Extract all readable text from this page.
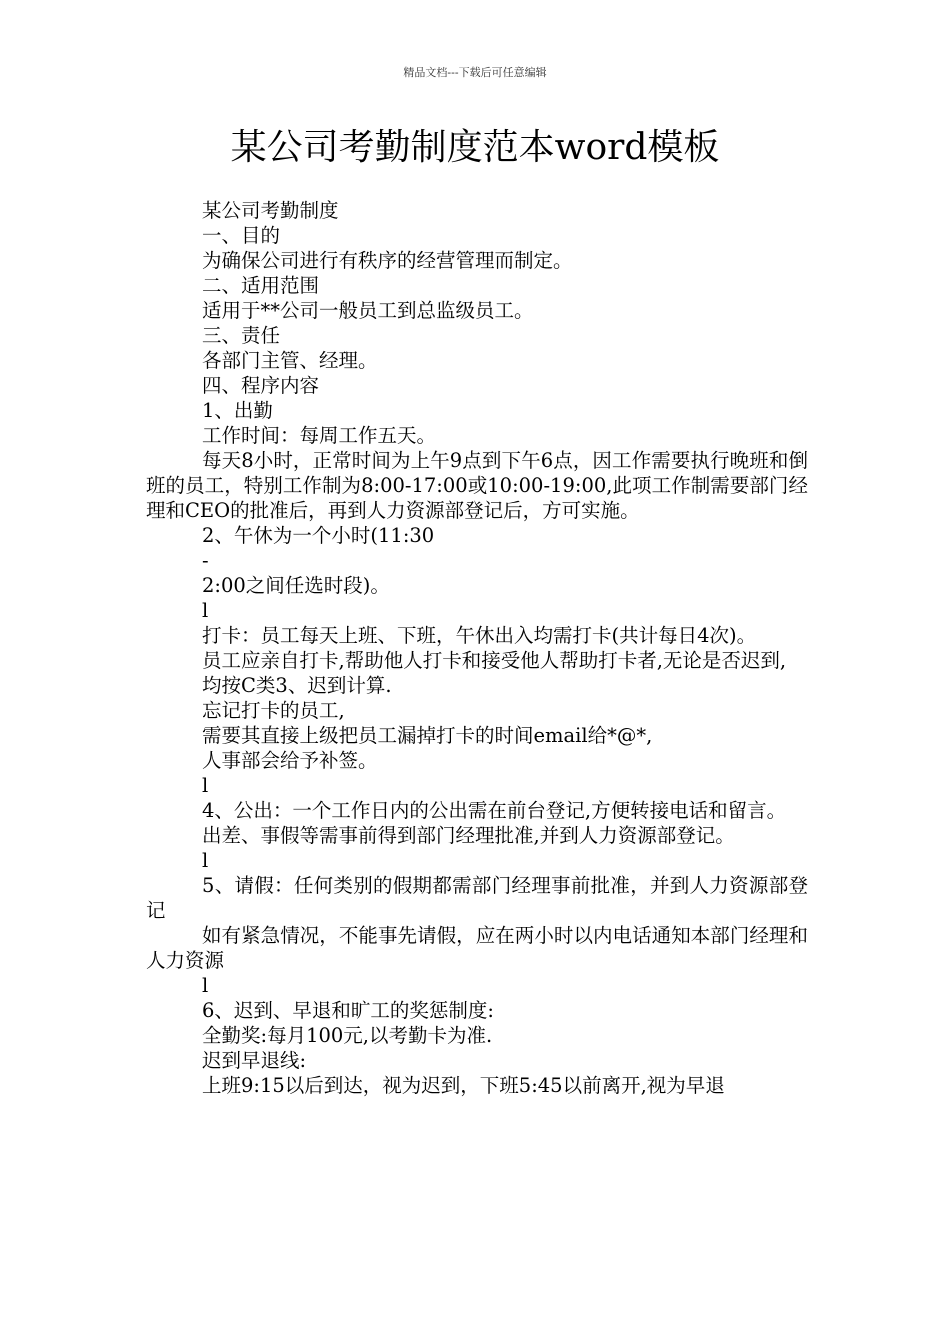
精品文档---下载后可任意编辑
某公司考勤制度范本word模板

某公司考勤制度

一、目的

为确保公司进行有秩序的经营管理而制定。

二、适用范围

适用于**公司一般员工到总监级员工。

三、责任

各部门主管、经理。

四、程序内容

1、出勤

工作时间：每周工作五天。

每天8小时，正常时间为上午9点到下午6点，因工作需要执行晚班和倒班的员工，特别工作制为8:00-17:00或10:00-19:00,此项工作制需要部门经理和CEO的批准后，再到人力资源部登记后，方可实施。

2、午休为一个小时(11:30

-

2:00之间任选时段)。

l

打卡：员工每天上班、下班，午休出入均需打卡(共计每日4次)。

员工应亲自打卡,帮助他人打卡和接受他人帮助打卡者,无论是否迟到,

均按C类3、迟到计算.

忘记打卡的员工,

需要其直接上级把员工漏掉打卡的时间email给*@*,

人事部会给予补签。

l

4、公出：一个工作日内的公出需在前台登记,方便转接电话和留言。

出差、事假等需事前得到部门经理批准,并到人力资源部登记。

l

5、请假：任何类别的假期都需部门经理事前批准，并到人力资源部登记

如有紧急情况，不能事先请假，应在两小时以内电话通知本部门经理和人力资源

l

6、迟到、早退和旷工的奖惩制度:

全勤奖:每月100元,以考勤卡为准.

迟到早退线:

上班9:15以后到达，视为迟到，下班5:45以前离开,视为早退
